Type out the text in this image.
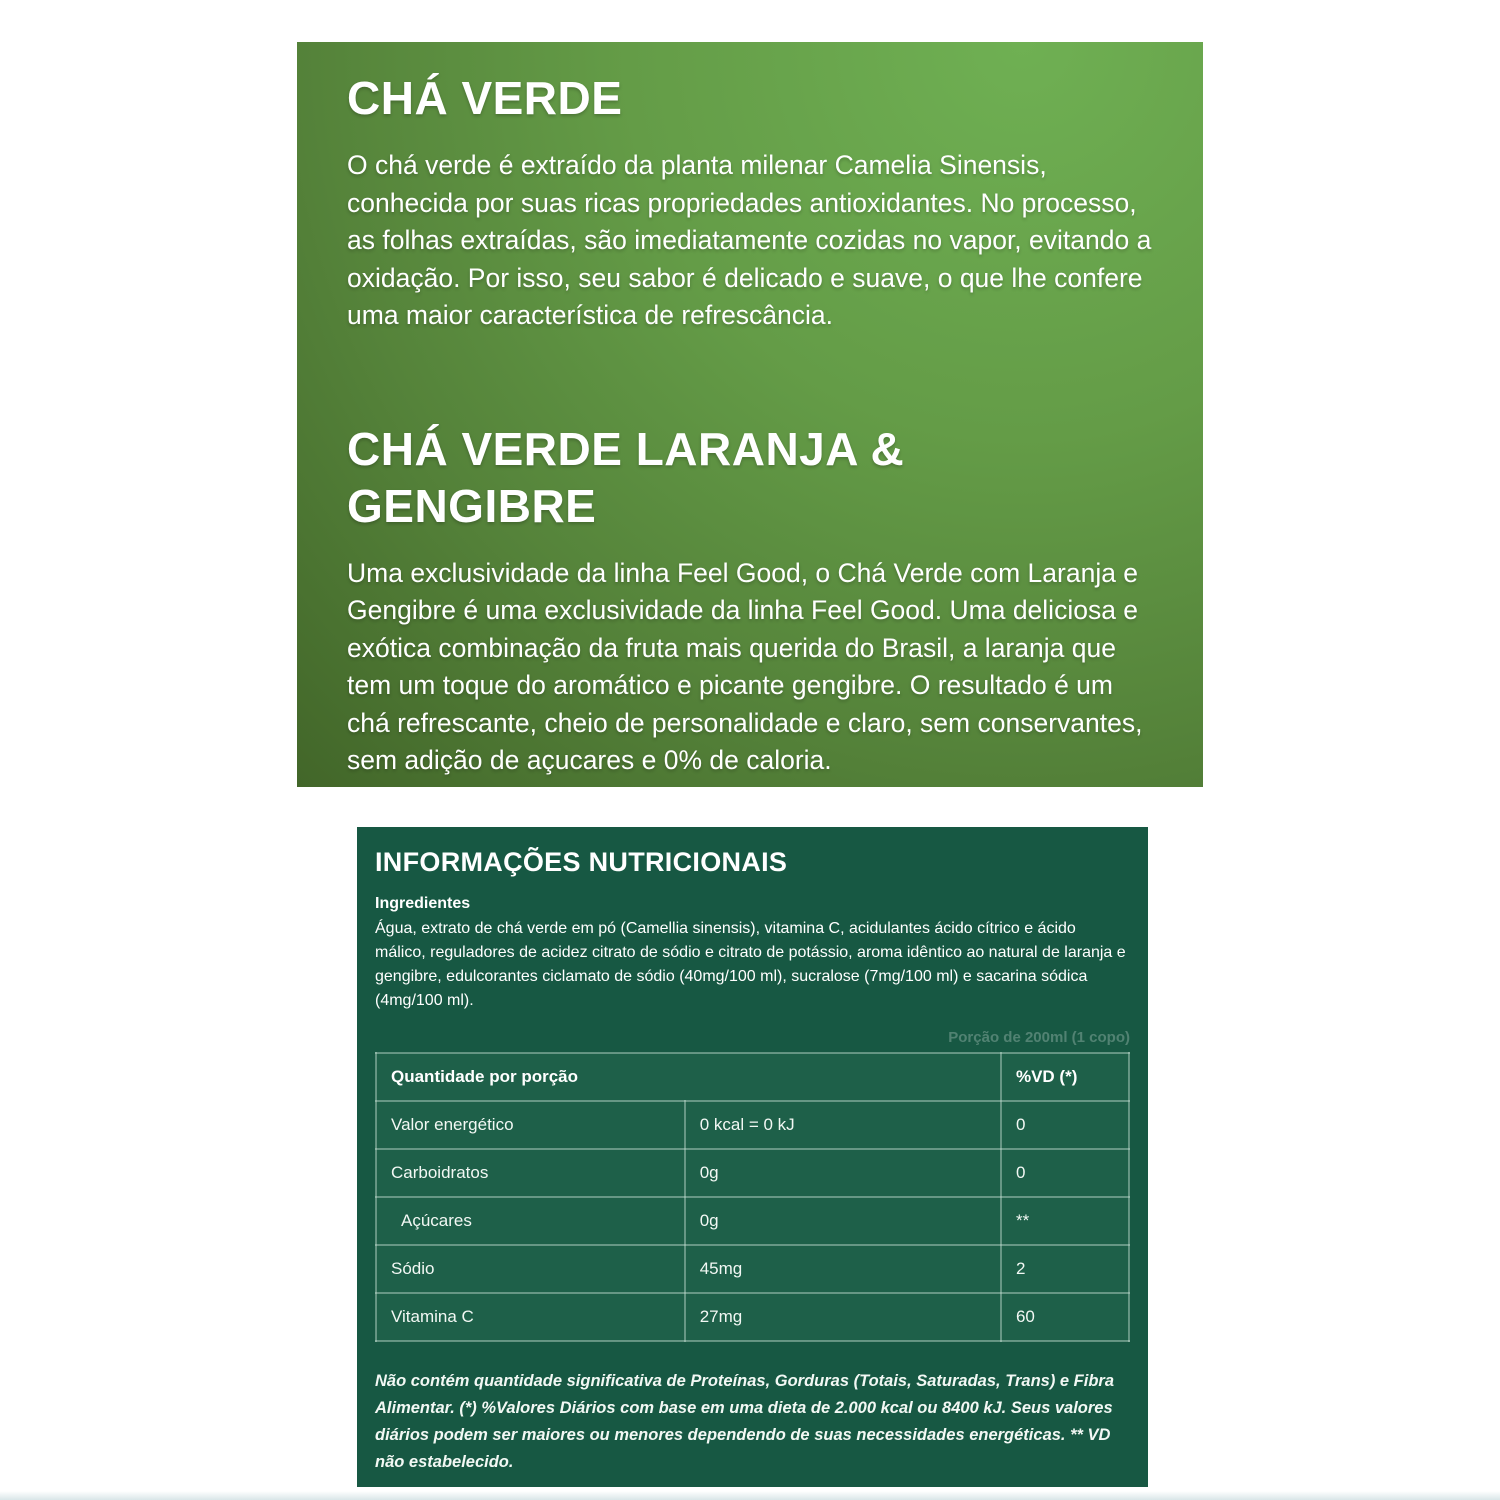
CHÁ VERDE

O chá verde é extraído da planta milenar Camelia Sinensis, conhecida por suas ricas propriedades antioxidantes. No processo, as folhas extraídas, são imediatamente cozidas no vapor, evitando a oxidação. Por isso, seu sabor é delicado e suave, o que lhe confere uma maior característica de refrescância.

CHÁ VERDE LARANJA & GENGIBRE

Uma exclusividade da linha Feel Good, o Chá Verde com Laranja e Gengibre é uma exclusividade da linha Feel Good. Uma deliciosa e exótica combinação da fruta mais querida do Brasil, a laranja que tem um toque do aromático e picante gengibre. O resultado é um chá refrescante, cheio de personalidade e claro, sem conservantes, sem adição de açucares e 0% de caloria.

INFORMAÇÕES NUTRICIONAIS
Ingredientes

Água, extrato de chá verde em pó (Camellia sinensis), vitamina C, acidulantes ácido cítrico e ácido málico, reguladores de acidez citrato de sódio e citrato de potássio, aroma idêntico ao natural de laranja e gengibre, edulcorantes ciclamato de sódio (40mg/100 ml), sucralose (7mg/100 ml) e sacarina sódica (4mg/100 ml).

Porção de 200ml (1 copo)
Quantidade por porção		%VD (*)
Valor energético	0 kcal = 0 kJ	0
Carboidratos	0g	0
Açúcares	0g	**
Sódio	45mg	2
Vitamina C	27mg	60

Não contém quantidade significativa de Proteínas, Gorduras (Totais, Saturadas, Trans) e Fibra Alimentar. (*) %Valores Diários com base em uma dieta de 2.000 kcal ou 8400 kJ. Seus valores diários podem ser maiores ou menores dependendo de suas necessidades energéticas. ** VD não estabelecido.
